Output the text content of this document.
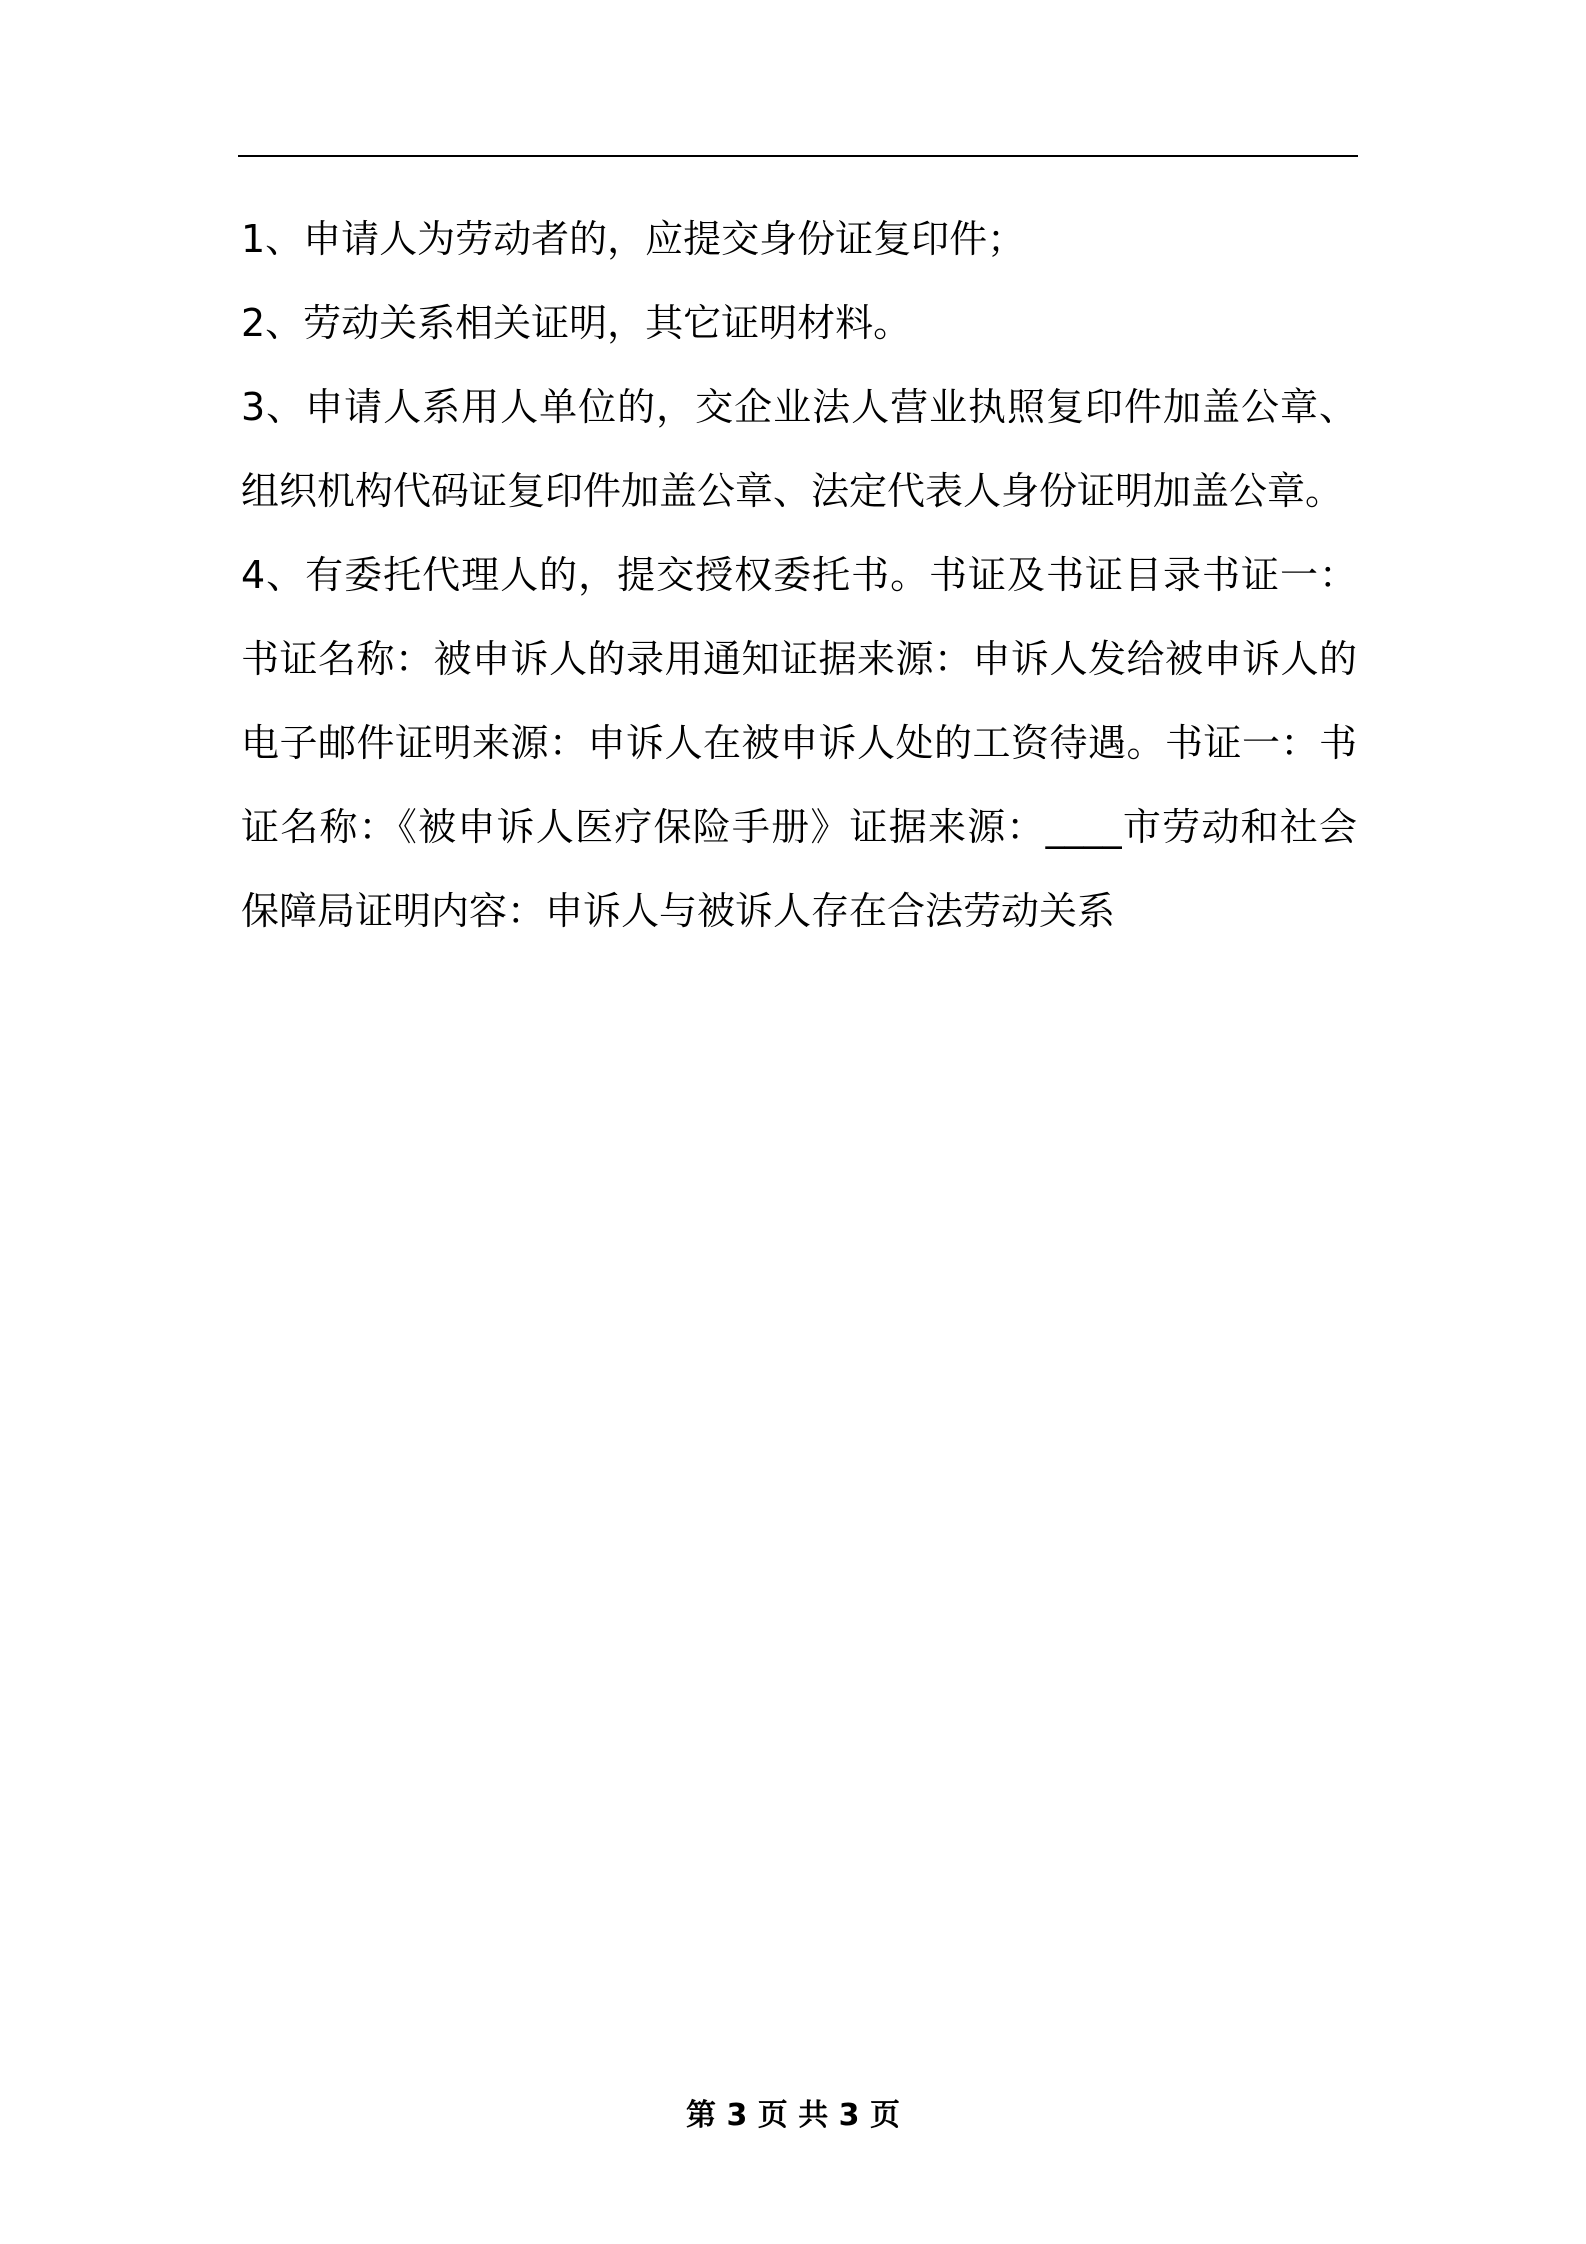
1、申请人为劳动者的，应提交身份证复印件；

2、劳动关系相关证明，其它证明材料。

3、申请人系用人单位的，交企业法人营业执照复印件加盖公章、组织机构代码证复印件加盖公章、法定代表人身份证明加盖公章。

4、有委托代理人的，提交授权委托书。书证及书证目录书证一：书证名称：被申诉人的录用通知证据来源：申诉人发给被申诉人的电子邮件证明来源：申诉人在被申诉人处的工资待遇。书证一：书证名称：《被申诉人医疗保险手册》证据来源：____市劳动和社会保障局证明内容：申诉人与被诉人存在合法劳动关系

第 3 页 共 3 页
